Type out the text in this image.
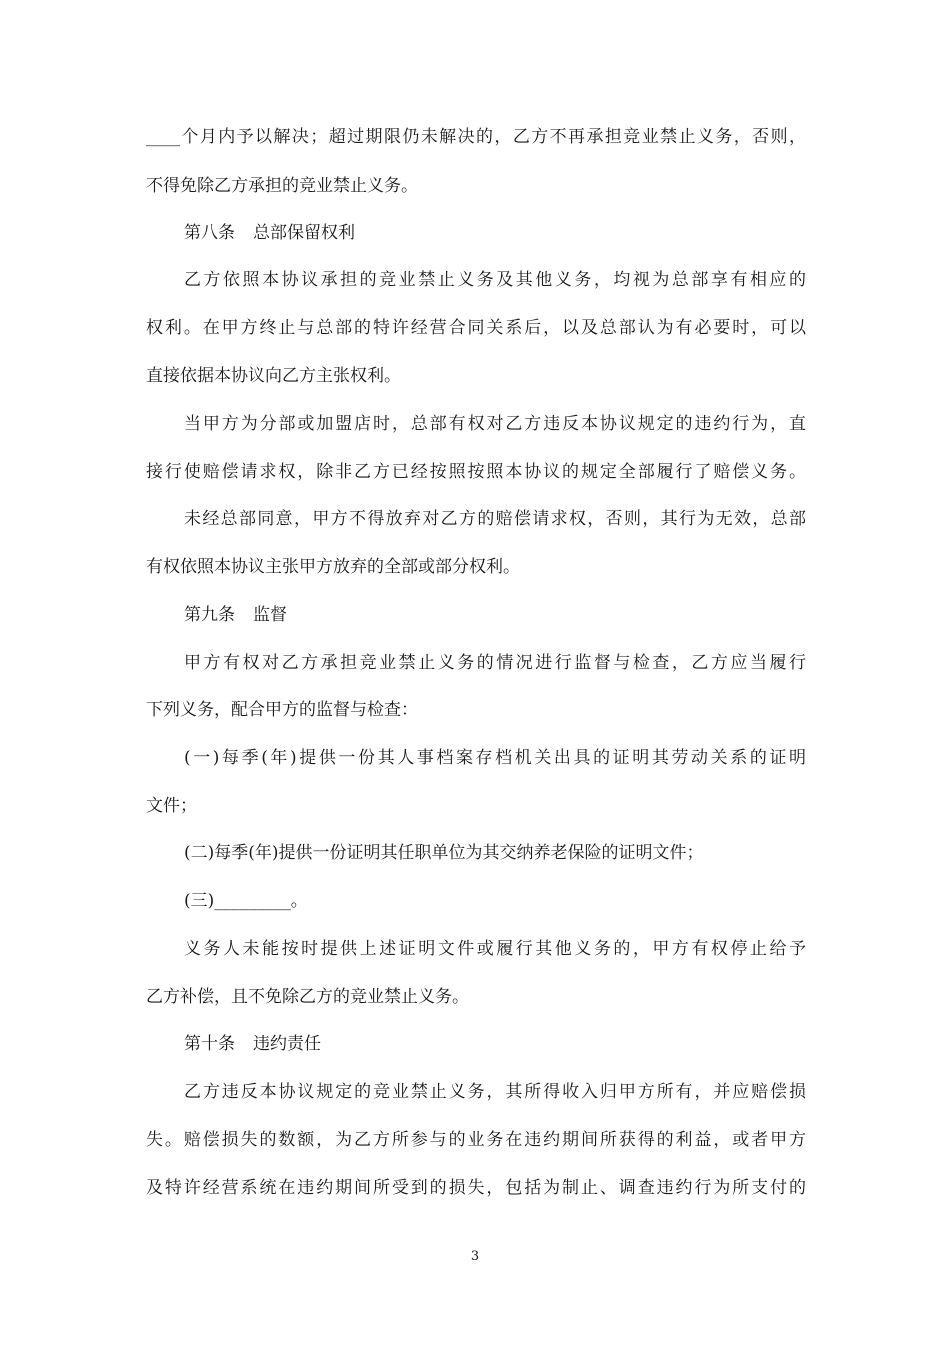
____个月内予以解决；超过期限仍未解决的，乙方不再承担竞业禁止义务，否则，
不得免除乙方承担的竞业禁止义务。
第八条 总部保留权利
乙方依照本协议承担的竞业禁止义务及其他义务，均视为总部享有相应的
权利。在甲方终止与总部的特许经营合同关系后，以及总部认为有必要时，可以
直接依据本协议向乙方主张权利。
当甲方为分部或加盟店时，总部有权对乙方违反本协议规定的违约行为，直
接行使赔偿请求权，除非乙方已经按照按照本协议的规定全部履行了赔偿义务。
未经总部同意，甲方不得放弃对乙方的赔偿请求权，否则，其行为无效，总部
有权依照本协议主张甲方放弃的全部或部分权利。
第九条 监督
甲方有权对乙方承担竞业禁止义务的情况进行监督与检查，乙方应当履行
下列义务，配合甲方的监督与检查：
(一)每季(年)提供一份其人事档案存档机关出具的证明其劳动关系的证明
文件；
(二)每季(年)提供一份证明其任职单位为其交纳养老保险的证明文件；
(三)_________。
义务人未能按时提供上述证明文件或履行其他义务的，甲方有权停止给予
乙方补偿，且不免除乙方的竞业禁止义务。
第十条 违约责任
乙方违反本协议规定的竞业禁止义务，其所得收入归甲方所有，并应赔偿损
失。赔偿损失的数额，为乙方所参与的业务在违约期间所获得的利益，或者甲方
及特许经营系统在违约期间所受到的损失，包括为制止、调查违约行为所支付的
3
